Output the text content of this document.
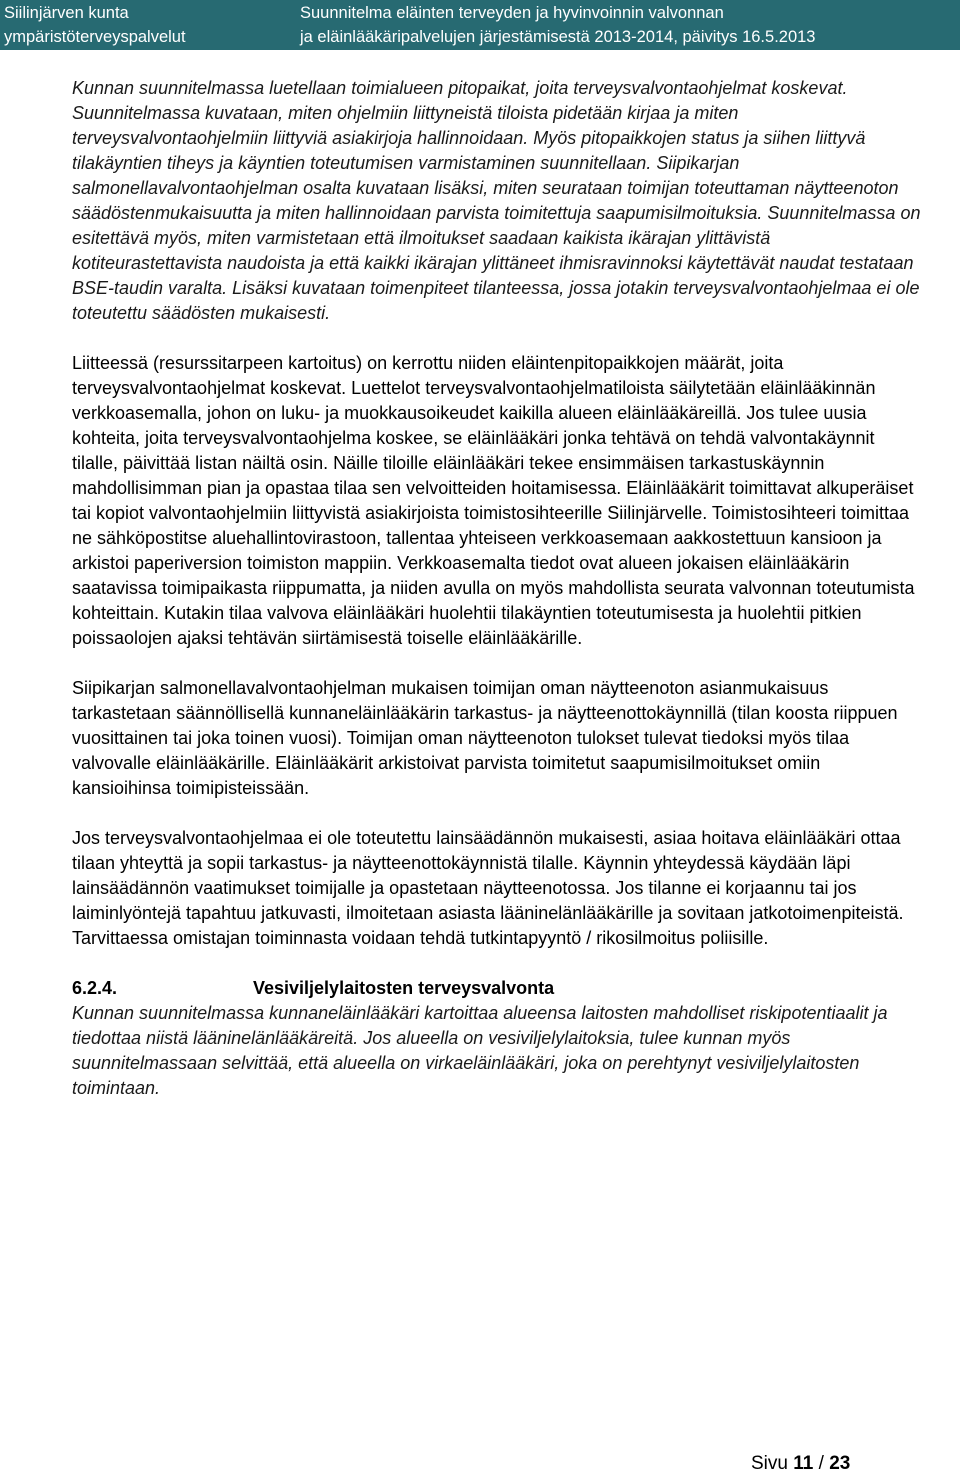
Siilinjärven kunta
ympäristöterveyspalvelut
Suunnitelma eläinten terveyden ja hyvinvoinnin valvonnan
ja eläinlääkäripalvelujen järjestämisestä 2013-2014, päivitys 16.5.2013

Kunnan suunnitelmassa luetellaan toimialueen pitopaikat, joita terveysvalvontaohjelmat koskevat. Suunnitelmassa kuvataan, miten ohjelmiin liittyneistä tiloista pidetään kirjaa ja miten terveysvalvontaohjelmiin liittyviä asiakirjoja hallinnoidaan. Myös pitopaikkojen status ja siihen liittyvä tilakäyntien tiheys ja käyntien toteutumisen varmistaminen suunnitellaan. Siipikarjan salmonellavalvontaohjelman osalta kuvataan lisäksi, miten seurataan toimijan toteuttaman näytteenoton säädöstenmukaisuutta ja miten hallinnoidaan parvista toimitettuja saapumisilmoituksia. Suunnitelmassa on esitettävä myös, miten varmistetaan että ilmoitukset saadaan kaikista ikärajan ylittävistä kotiteurastettavista naudoista ja että kaikki ikärajan ylittäneet ihmisravinnoksi käytettävät naudat testataan BSE-taudin varalta. Lisäksi kuvataan toimenpiteet tilanteessa, jossa jotakin terveysvalvontaohjelmaa ei ole toteutettu säädösten mukaisesti.

Liitteessä (resurssitarpeen kartoitus) on kerrottu niiden eläintenpitopaikkojen määrät, joita terveysvalvontaohjelmat koskevat. Luettelot terveysvalvontaohjelmatiloista säilytetään eläinlääkinnän verkkoasemalla, johon on luku- ja muokkausoikeudet kaikilla alueen eläinlääkäreillä. Jos tulee uusia kohteita, joita terveysvalvontaohjelma koskee, se eläinlääkäri jonka tehtävä on tehdä valvontakäynnit tilalle, päivittää listan näiltä osin. Näille tiloille eläinlääkäri tekee ensimmäisen tarkastuskäynnin mahdollisimman pian ja opastaa tilaa sen velvoitteiden hoitamisessa. Eläinlääkärit toimittavat alkuperäiset tai kopiot valvontaohjelmiin liittyvistä asiakirjoista toimistosihteerille Siilinjärvelle. Toimistosihteeri toimittaa ne sähköpostitse aluehallintovirastoon, tallentaa yhteiseen verkkoasemaan aakkostettuun kansioon ja arkistoi paperiversion toimiston mappiin. Verkkoasemalta tiedot ovat alueen jokaisen eläinlääkärin saatavissa toimipaikasta riippumatta, ja niiden avulla on myös mahdollista seurata valvonnan toteutumista kohteittain. Kutakin tilaa valvova eläinlääkäri huolehtii tilakäyntien toteutumisesta ja huolehtii pitkien poissaolojen ajaksi tehtävän siirtämisestä toiselle eläinlääkärille.

Siipikarjan salmonellavalvontaohjelman mukaisen toimijan oman näytteenoton asianmukaisuus tarkastetaan säännöllisellä kunnaneläinlääkärin tarkastus- ja näytteenottokäynnillä (tilan koosta riippuen vuosittainen tai joka toinen vuosi). Toimijan oman näytteenoton tulokset tulevat tiedoksi myös tilaa valvovalle eläinlääkärille. Eläinlääkärit arkistoivat parvista toimitetut saapumisilmoitukset omiin kansioihinsa toimipisteissään.

Jos terveysvalvontaohjelmaa ei ole toteutettu lainsäädännön mukaisesti, asiaa hoitava eläinlääkäri ottaa tilaan yhteyttä ja sopii tarkastus- ja näytteenottokäynnistä tilalle. Käynnin yhteydessä käydään läpi lainsäädännön vaatimukset toimijalle ja opastetaan näytteenotossa. Jos tilanne ei korjaannu tai jos laiminlyöntejä tapahtuu jatkuvasti, ilmoitetaan asiasta lääninelänlääkärille ja sovitaan jatkotoimenpiteistä. Tarvittaessa omistajan toiminnasta voidaan tehdä tutkintapyyntö / rikosilmoitus poliisille.

6.2.4.	Vesiviljelylaitosten terveysvalvonta

Kunnan suunnitelmassa kunnaneläinlääkäri kartoittaa alueensa laitosten mahdolliset riskipotentiaalit ja tiedottaa niistä lääninelänlääkäreitä. Jos alueella on vesiviljelylaitoksia, tulee kunnan myös suunnitelmassaan selvittää, että alueella on virkaeläinlääkäri, joka on perehtynyt vesiviljelylaitosten toimintaan.

Sivu 11 / 23
